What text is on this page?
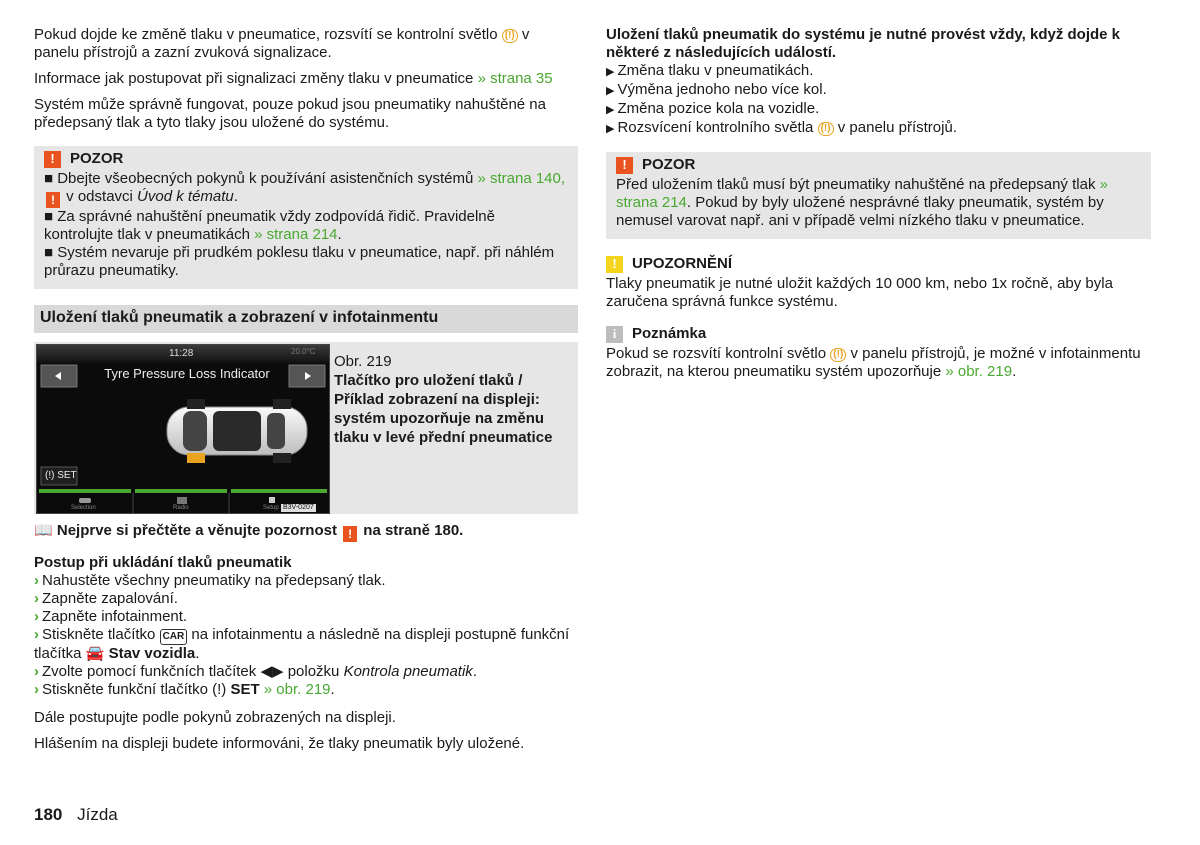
Pokud dojde ke změně tlaku v pneumatice, rozsvítí se kontrolní světlo (!) v panelu přístrojů a zazní zvuková signalizace.

Informace jak postupovat při signalizaci změny tlaku v pneumatice » strana 35

Systém může správně fungovat, pouze pokud jsou pneumatiky nahuštěné na předepsaný tlak a tyto tlaky jsou uložené do systému.

!	POZOR

■ Dbejte všeobecných pokynů k používání asistenčních systémů » strana 140, ! v odstavci Úvod k tématu.

■ Za správné nahuštění pneumatik vždy zodpovídá řidič. Pravidelně kontrolujte tlak v pneumatikách » strana 214.

■ Systém nevaruje při prudkém poklesu tlaku v pneumatice, např. při náhlém průrazu pneumatiky.

Uložení tlaků pneumatik a zobrazení v infotainmentu
11:28	20.0°C
Tyre Pressure Loss Indicator
(!) SET
Selection	Radio	Setup B3V-0207
Obr. 219
Tlačítko pro uložení tlaků / Příklad zobrazení na displeji: systém upozorňuje na změnu tlaku v levé přední pneumatice

📖 Nejprve si přečtěte a věnujte pozornost ! na straně 180.

Postup při ukládání tlaků pneumatik

› Nahustěte všechny pneumatiky na předepsaný tlak.

› Zapněte zapalování.

› Zapněte infotainment.

› Stiskněte tlačítko CAR na infotainmentu a následně na displeji postupně funkční tlačítka 🚘 Stav vozidla.

› Zvolte pomocí funkčních tlačítek ◀▶ položku Kontrola pneumatik.

› Stiskněte funkční tlačítko (!) SET » obr. 219.

Dále postupujte podle pokynů zobrazených na displeji.

Hlášením na displeji budete informováni, že tlaky pneumatik byly uložené.

Uložení tlaků pneumatik do systému je nutné provést vždy, když dojde k některé z následujících událostí.

▶ Změna tlaku v pneumatikách.

▶ Výměna jednoho nebo více kol.

▶ Změna pozice kola na vozidle.

▶ Rozsvícení kontrolního světla (!) v panelu přístrojů.

!	POZOR

Před uložením tlaků musí být pneumatiky nahuštěné na předepsaný tlak » strana 214. Pokud by byly uložené nesprávné tlaky pneumatik, systém by nemusel varovat např. ani v případě velmi nízkého tlaku v pneumatice.

!	UPOZORNĚNÍ

Tlaky pneumatik je nutné uložit každých 10 000 km, nebo 1x ročně, aby byla zaručena správná funkce systému.

i	Poznámka

Pokud se rozsvítí kontrolní světlo (!) v panelu přístrojů, je možné v infotainmentu zobrazit, na kterou pneumatiku systém upozorňuje » obr. 219.

180 Jízda
